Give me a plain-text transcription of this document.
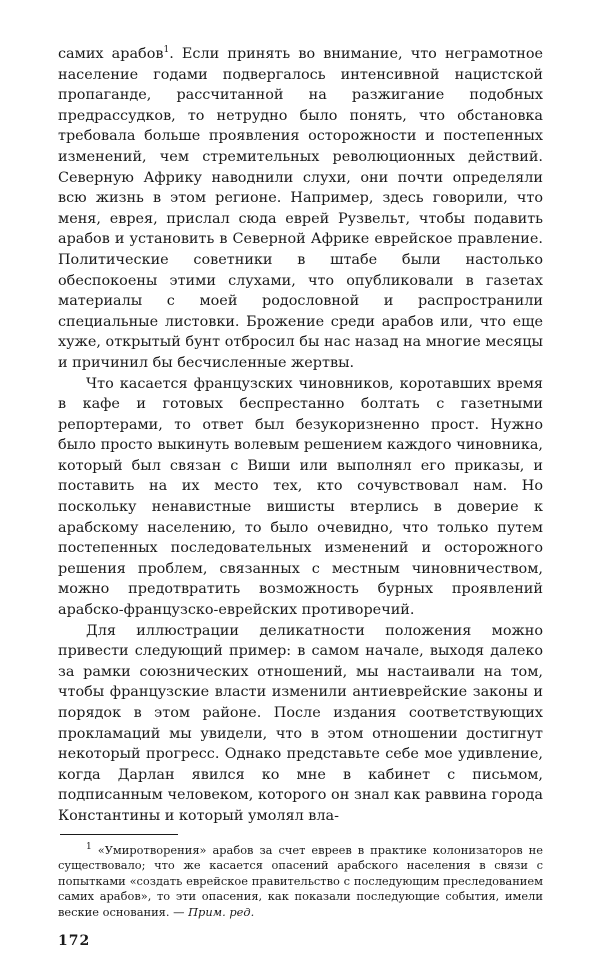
самих арабов$^1$. Если принять во внимание, что неграмотное население годами подвергалось интенсивной нацистской пропаганде, рассчитанной на разжигание подобных предрассудков, то нетрудно было понять, что обстановка требовала больше проявления осторожности и постепенных изменений, чем стремительных революционных действий. Северную Африку наводнили слухи, они почти определяли всю жизнь в этом регионе. Например, здесь говорили, что меня, еврея, прислал сюда еврей Рузвельт, чтобы подавить арабов и установить в Северной Африке еврейское правление. Политические советники в штабе были настолько обеспокоены этими слухами, что опубликовали в газетах материалы с моей родословной и распространили специальные листовки. Брожение среди арабов или, что еще хуже, открытый бунт отбросил бы нас назад на многие месяцы и причинил бы бесчисленные жертвы.

Что касается французских чиновников, коротавших время в кафе и готовых беспрестанно болтать с газетными репортерами, то ответ был безукоризненно прост. Нужно было просто выкинуть волевым решением каждого чиновника, который был связан с Виши или выполнял его приказы, и поставить на их место тех, кто сочувствовал нам. Но поскольку ненавистные вишисты втерлись в доверие к арабскому населению, то было очевидно, что только путем постепенных последовательных изменений и осторожного решения проблем, связанных с местным чиновничеством, можно предотвратить возможность бурных проявлений арабско-французско-еврейских противоречий.

Для иллюстрации деликатности положения можно привести следующий пример: в самом начале, выходя далеко за рамки союзнических отношений, мы настаивали на том, чтобы французские власти изменили антиеврейские законы и порядок в этом районе. После издания соответствующих прокламаций мы увидели, что в этом отношении достигнут некоторый прогресс. Однако представьте себе мое удивление, когда Дарлан явился ко мне в кабинет с письмом, подписанным человеком, которого он знал как раввина города Константины и который умолял вла-

$^1$ «Умиротворения» арабов за счет евреев в практике колонизаторов не существовало; что же касается опасений арабского населения в связи с попытками «создать еврейское правительство с последующим преследованием самих арабов», то эти опасения, как показали последующие события, имели веские основания. — Прим. ред.

172
